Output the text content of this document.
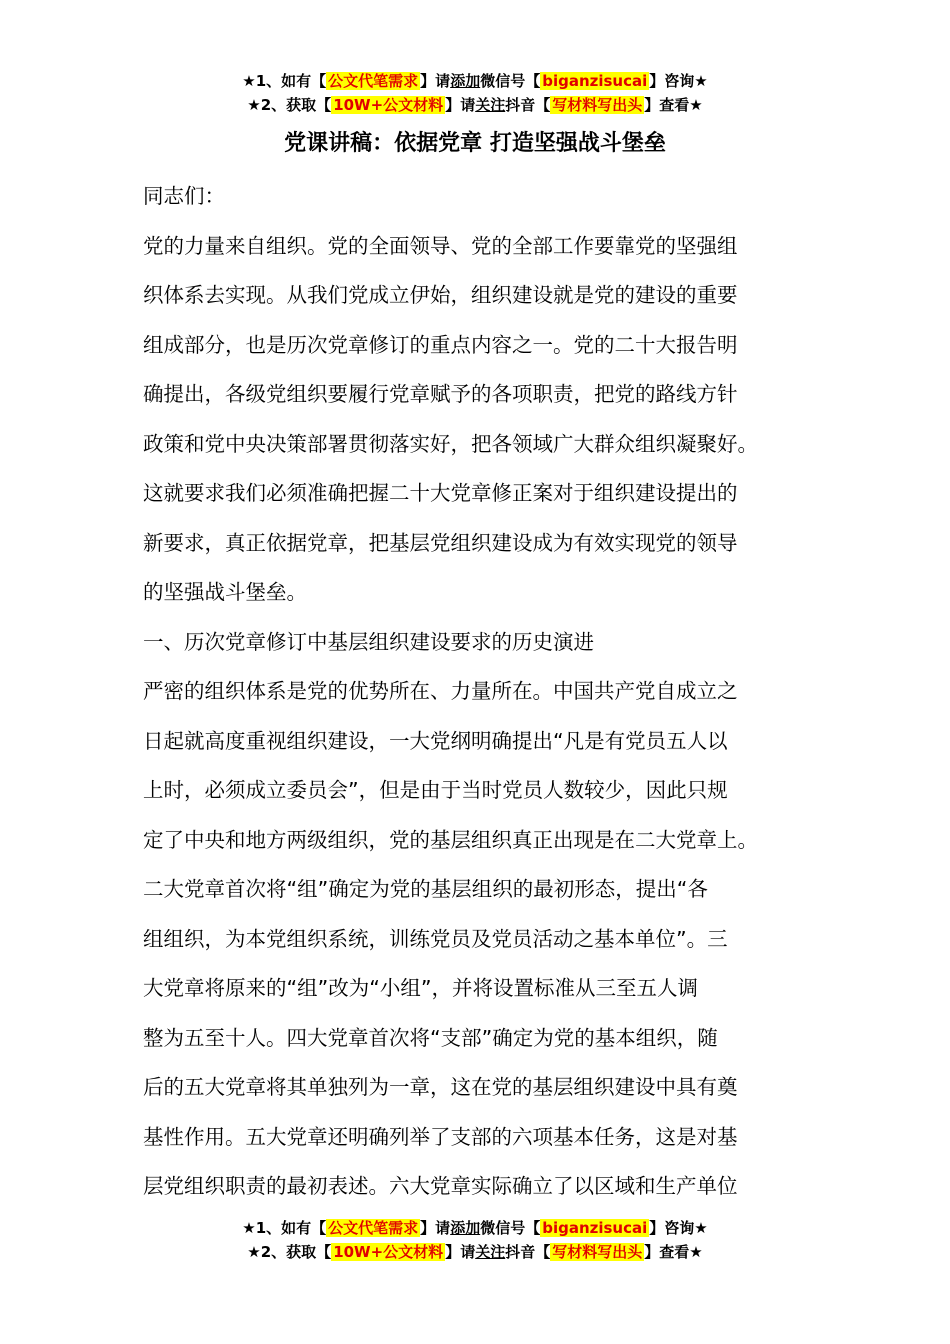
★1、如有【 公文代笔需求 】请添加微信号【 biganzisucai 】咨询★
★2、获取【 10W+公文材料 】请关注抖音【 写材料写出头 】查看★
党课讲稿：依据党章 打造坚强战斗堡垒
同志们：
党的力量来自组织。党的全面领导、党的全部工作要靠党的坚强组
织体系去实现。从我们党成立伊始，组织建设就是党的建设的重要
组成部分，也是历次党章修订的重点内容之一。党的二十大报告明
确提出，各级党组织要履行党章赋予的各项职责，把党的路线方针
政策和党中央决策部署贯彻落实好，把各领域广大群众组织凝聚好。
这就要求我们必须准确把握二十大党章修正案对于组织建设提出的
新要求，真正依据党章，把基层党组织建设成为有效实现党的领导
的坚强战斗堡垒。
一、历次党章修订中基层组织建设要求的历史演进
严密的组织体系是党的优势所在、力量所在。中国共产党自成立之
日起就高度重视组织建设，一大党纲明确提出“凡是有党员五人以
上时，必须成立委员会”，但是由于当时党员人数较少，因此只规
定了中央和地方两级组织，党的基层组织真正出现是在二大党章上。
二大党章首次将“组”确定为党的基层组织的最初形态，提出“各
组组织，为本党组织系统，训练党员及党员活动之基本单位”。三
大党章将原来的“组”改为“小组”，并将设置标准从三至五人调
整为五至十人。四大党章首次将“支部”确定为党的基本组织，随
后的五大党章将其单独列为一章，这在党的基层组织建设中具有奠
基性作用。五大党章还明确列举了支部的六项基本任务，这是对基
层党组织职责的最初表述。六大党章实际确立了以区域和生产单位
★1、如有【 公文代笔需求 】请添加微信号【 biganzisucai 】咨询★
★2、获取【 10W+公文材料 】请关注抖音【 写材料写出头 】查看★
